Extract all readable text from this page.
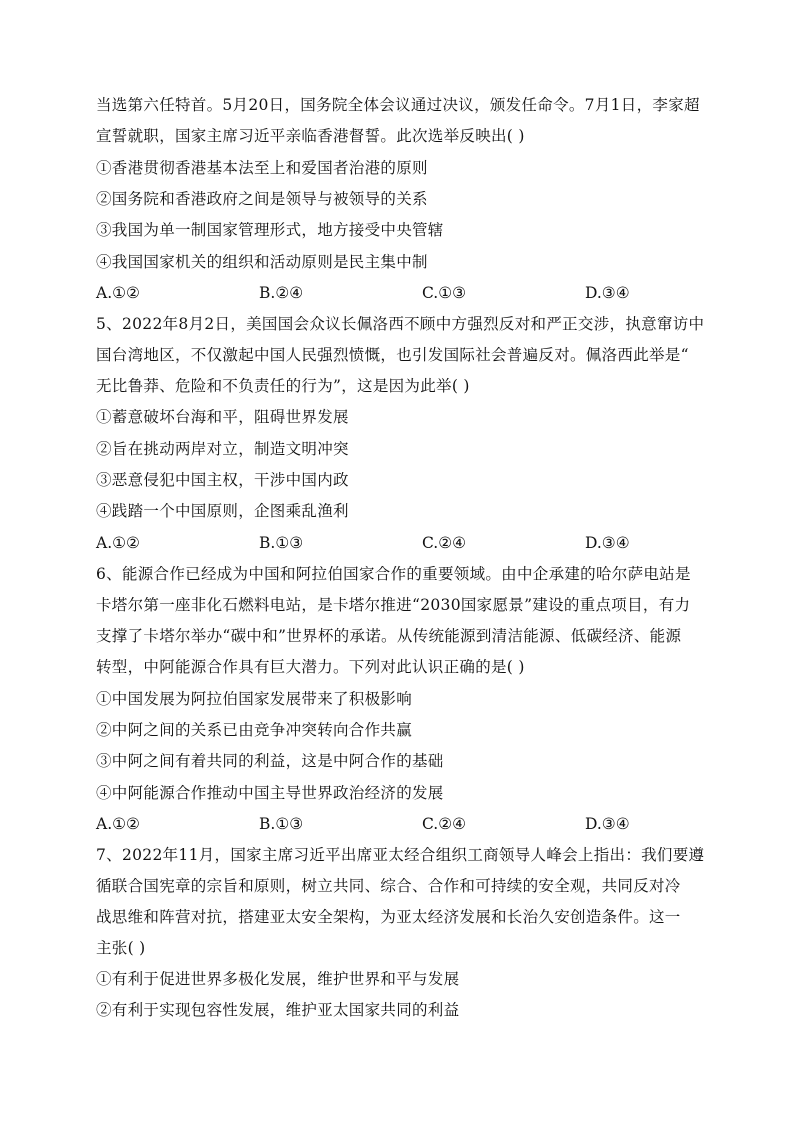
当选第六任特首。5月20日，国务院全体会议通过决议，颁发任命令。7月1日，李家超
宣誓就职，国家主席习近平亲临香港督誓。此次选举反映出( )
①香港贯彻香港基本法至上和爱国者治港的原则
②国务院和香港政府之间是领导与被领导的关系
③我国为单一制国家管理形式，地方接受中央管辖
④我国国家机关的组织和活动原则是民主集中制
A.①②	B.②④	C.①③	D.③④
5、2022年8月2日，美国国会众议长佩洛西不顾中方强烈反对和严正交涉，执意窜访中
国台湾地区，不仅激起中国人民强烈愤慨，也引发国际社会普遍反对。佩洛西此举是“
无比鲁莽、危险和不负责任的行为”，这是因为此举( )
①蓄意破坏台海和平，阻碍世界发展
②旨在挑动两岸对立，制造文明冲突
③恶意侵犯中国主权，干涉中国内政
④践踏一个中国原则，企图乘乱渔利
A.①②	B.①③	C.②④	D.③④
6、能源合作已经成为中国和阿拉伯国家合作的重要领域。由中企承建的哈尔萨电站是
卡塔尔第一座非化石燃料电站，是卡塔尔推进“2030国家愿景”建设的重点项目，有力
支撑了卡塔尔举办“碳中和”世界杯的承诺。从传统能源到清洁能源、低碳经济、能源
转型，中阿能源合作具有巨大潜力。下列对此认识正确的是( )
①中国发展为阿拉伯国家发展带来了积极影响
②中阿之间的关系已由竞争冲突转向合作共赢
③中阿之间有着共同的利益，这是中阿合作的基础
④中阿能源合作推动中国主导世界政治经济的发展
A.①②	B.①③	C.②④	D.③④
7、2022年11月，国家主席习近平出席亚太经合组织工商领导人峰会上指出：我们要遵
循联合国宪章的宗旨和原则，树立共同、综合、合作和可持续的安全观，共同反对冷
战思维和阵营对抗，搭建亚太安全架构，为亚太经济发展和长治久安创造条件。这一
主张( )
①有利于促进世界多极化发展，维护世界和平与发展
②有利于实现包容性发展，维护亚太国家共同的利益
